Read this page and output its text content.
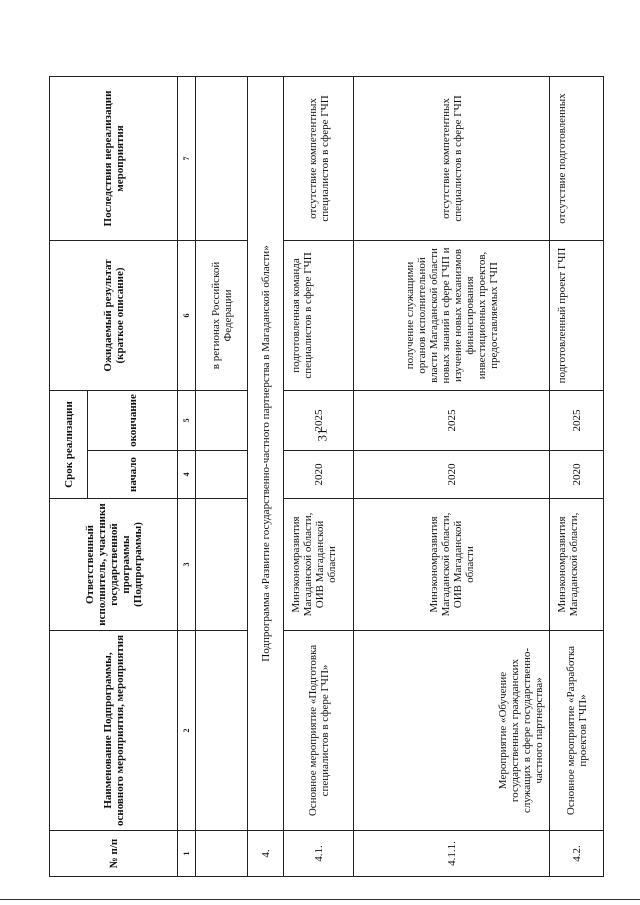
31
№ п/п	Наименование Подпрограммы, основного мероприятия, мероприятия	Ответственный исполнитель, участники государственной программы (Подпрограммы)	Срок реализации		Ожидаемый результат (краткое описание)	Последствия нереализации мероприятия
			начало	окончание		
1	2	3	4	5	6	7
					в регионах Российской Федерации	
4.	Подпрограмма «Развитие государственно-частного партнерства в Магаданской области»					
4.1.	Основное мероприятие «Подготовка специалистов в сфере ГЧП»	Минэкономразвития Магаданской области, ОИВ Магаданской области	2020	2025	подготовленная команда специалистов в сфере ГЧП	отсутствие компетентных специалистов в сфере ГЧП
4.1.1.	Мероприятие «Обучение государственных гражданских служащих в сфере государственно-частного партнерства»	Минэкономразвития Магаданской области, ОИВ Магаданской области	2020	2025	получение служащими органов исполнительной власти Магаданской области новых знаний в сфере ГЧП и изучение новых механизмов финансирования инвестиционных проектов, предоставляемых ГЧП	отсутствие компетентных специалистов в сфере ГЧП
4.2.	Основное мероприятие «Разработка проектов ГЧП»	Минэкономразвития Магаданской области,	2020	2025	подготовленный проект ГЧП	отсутствие подготовленных
